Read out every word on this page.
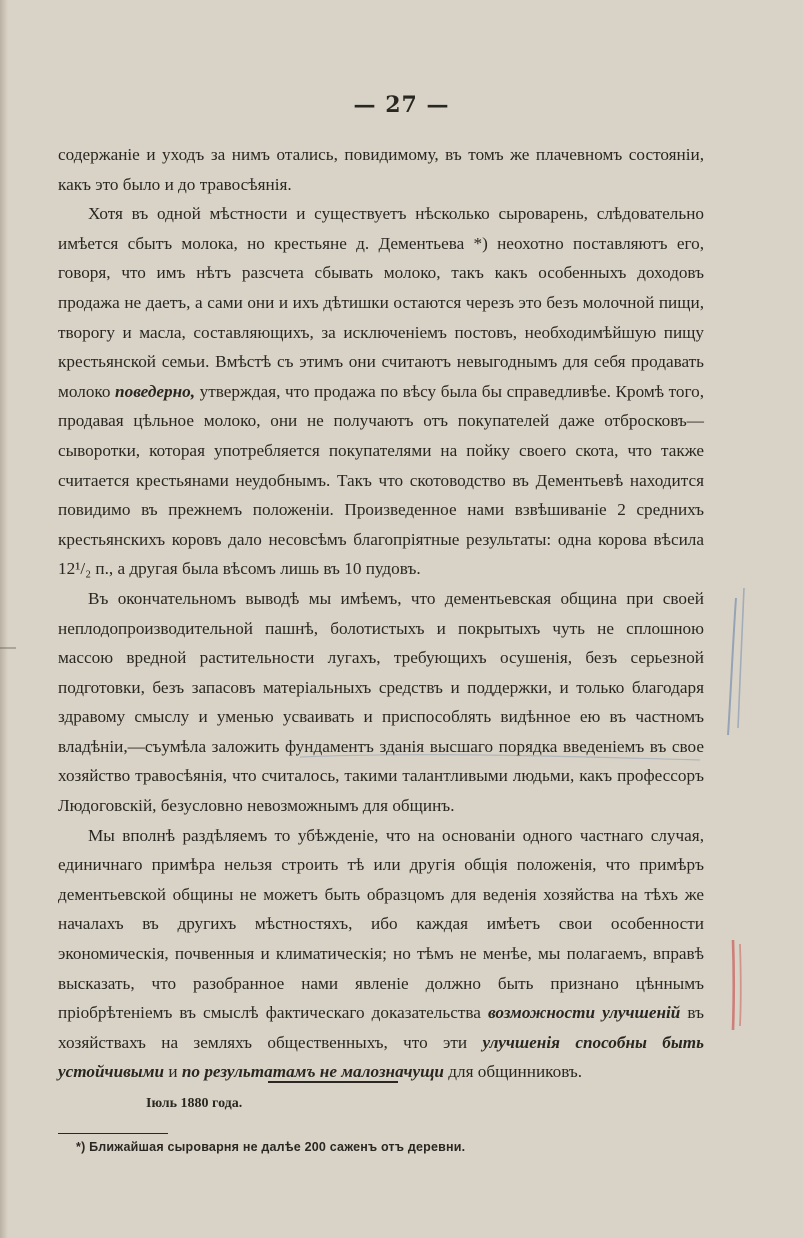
— 27 —

содержаніе и уходъ за нимъ отались, повидимому, въ томъ же плачевномъ состояніи, какъ это было и до травосѣянія.

Хотя въ одной мѣстности и существуетъ нѣсколько сыроварень, слѣдовательно имѣется сбытъ молока, но крестьяне д. Дементьева *) неохотно поставляютъ его, говоря, что имъ нѣтъ разсчета сбывать молоко, такъ какъ особенныхъ доходовъ продажа не даетъ, а сами они и ихъ дѣтишки остаются черезъ это безъ молочной пищи, творогу и масла, составляющихъ, за исключеніемъ постовъ, необходимѣйшую пищу крестьянской семьи. Вмѣстѣ съ этимъ они считаютъ невыгоднымъ для себя продавать молоко поведерно, утверждая, что продажа по вѣсу была бы справедливѣе. Кромѣ того, продавая цѣльное молоко, они не получаютъ отъ покупателей даже отбросковъ—сыворотки, которая употребляется покупателями на пойку своего скота, что также считается крестьянами неудобнымъ. Такъ что скотоводство въ Дементьевѣ находится повидимо въ прежнемъ положеніи. Произведенное нами взвѣшиваніе 2 среднихъ крестьянскихъ коровъ дало несовсѣмъ благопріятные результаты: одна корова вѣсила 12¹/₂ п., а другая была вѣсомъ лишь въ 10 пудовъ.

Въ окончательномъ выводѣ мы имѣемъ, что дементьевская община при своей неплодопроизводительной пашнѣ, болотистыхъ и покрытыхъ чуть не сплошною массою вредной растительности лугахъ, требующихъ осушенія, безъ серьезной подготовки, безъ запасовъ матеріальныхъ средствъ и поддержки, и только благодаря здравому смыслу и уменью усваивать и приспособлять видѣнное ею въ частномъ владѣніи,—съумѣла заложить фундаментъ зданія высшаго порядка введеніемъ въ свое хозяйство травосѣянія, что считалось, такими талантливыми людьми, какъ профессоръ Людоговскій, безусловно невозможнымъ для общинъ.

Мы вполнѣ раздѣляемъ то убѣжденіе, что на основаніи одного частнаго случая, единичнаго примѣра нельзя строить тѣ или другія общія положенія, что примѣръ дементьевской общины не можетъ быть образцомъ для веденія хозяйства на тѣхъ же началахъ въ другихъ мѣстностяхъ, ибо каждая имѣетъ свои особенности экономическія, почвенныя и климатическія; но тѣмъ не менѣе, мы полагаемъ, вправѣ высказать, что разобранное нами явленіе должно быть признано цѣннымъ пріобрѣтеніемъ въ смыслѣ фактическаго доказательства возможности улучшеній въ хозяйствахъ на земляхъ общественныхъ, что эти улучшенія способны быть устойчивыми и по результатамъ не малозначущи для общинниковъ.

Іюль 1880 года.
*) Ближайшая сыроварня не далѣе 200 саженъ отъ деревни.
